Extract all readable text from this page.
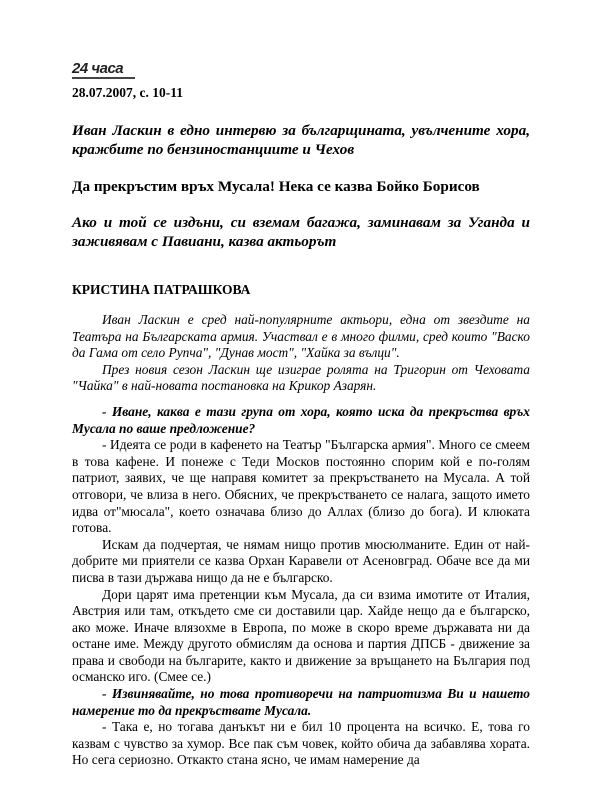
24 часа
28.07.2007, с. 10-11
Иван Ласкин в едно интервю за българщината, увълчените хора, кражбите по бензиностанциите и Чехов
Да прекръстим връх Мусала! Нека се казва Бойко Борисов
Ако и той се издъни, си вземам багажа, заминавам за Уганда и заживявам с Павиани, казва актьорът
КРИСТИНА ПАТРАШКОВА

Иван Ласкин е сред най-популярните актьори, една от звездите на Театъра на Българската армия. Участвал е в много филми, сред които "Васко да Гама от село Рупча", "Дунав мост", "Хайка за вълци".

През новия сезон Ласкин ще изиграе ролята на Тригорин от Чеховата "Чайка" в най-новата постановка на Крикор Азарян.

- Иване, каква е тази група от хора, която иска да прекръства връх Мусала по ваше предложение?

- Идеята се роди в кафенето на Театър "Българска армия". Много се смеем в това кафене. И понеже с Теди Москов постоянно спорим кой е по-голям патриот, заявих, че ще направя комитет за прекръстването на Мусала. А той отговори, че влиза в него. Обясних, че прекръстването се налага, защото името идва от"мюсала", което означава близо до Аллах (близо до бога). И клюката готова.

Искам да подчертая, че нямам нищо против мюсюлманите. Един от най-добрите ми приятели се казва Орхан Каравели от Асеновград. Обаче все да ми писва в тази държава нищо да не е българско.

Дори царят има претенции към Мусала, да си взима имотите от Италия, Австрия или там, откъдето сме си доставили цар. Хайде нещо да е българско, ако може. Иначе влязохме в Европа, по може в скоро време държавата ни да остане име. Между другото обмислям да основа и партия ДПСБ - движение за права и свободи на българите, както и движение за връщането на България под османско иго. (Смее се.)

- Извинявайте, но това противоречи на патриотизма Ви и нашето намерение то да прекръствате Мусала.

- Така е, но тогава данъкът ни е бил 10 процента на всичко. Е, това го казвам с чувство за хумор. Все пак съм човек, който обича да забавлява хората. Но сега сериозно. Откакто стана ясно, че имам намерение да
